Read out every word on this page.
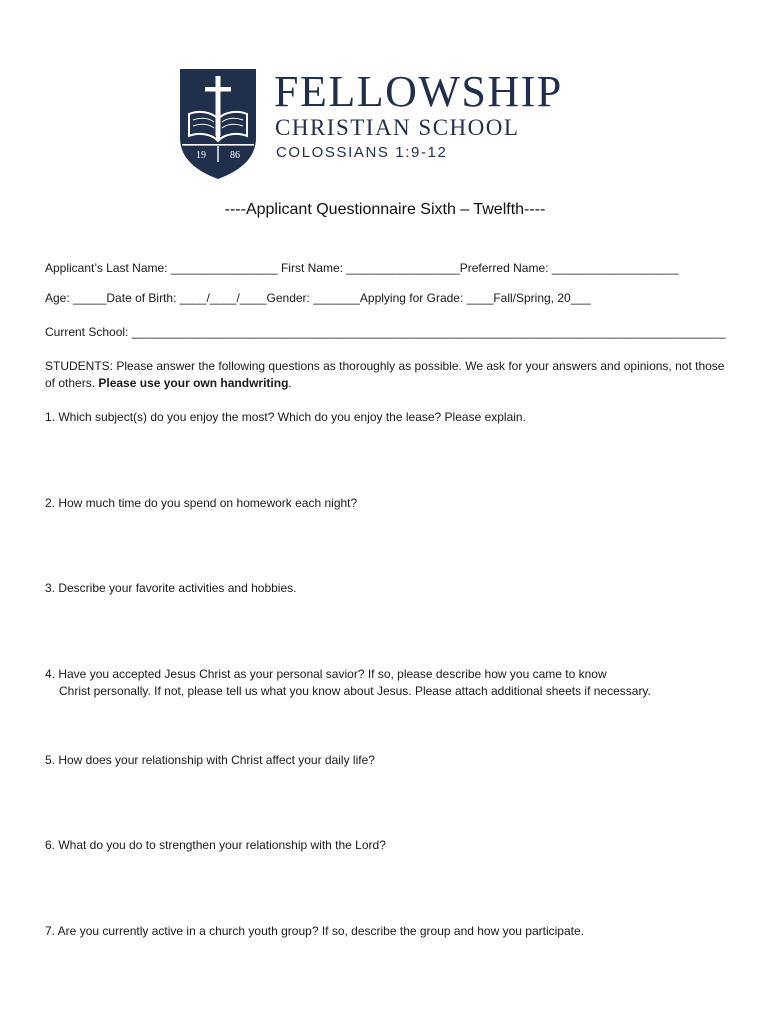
19 86
FELLOWSHIP
CHRISTIAN SCHOOL
COLOSSIANS 1:9-12
----Applicant Questionnaire Sixth – Twelfth----
Applicant’s Last Name: ________________ First Name: _________________Preferred Name: ___________________
Age: _____Date of Birth: ____/____/____Gender: _______Applying for Grade: ____Fall/Spring, 20___
Current School: _________________________________________________________________________________________
STUDENTS: Please answer the following questions as thoroughly as possible. We ask for your answers and opinions, not those of others. Please use your own handwriting.
1. Which subject(s) do you enjoy the most? Which do you enjoy the lease? Please explain.
2. How much time do you spend on homework each night?
3. Describe your favorite activities and hobbies.
4. Have you accepted Jesus Christ as your personal savior? If so, please describe how you came to know
Christ personally. If not, please tell us what you know about Jesus. Please attach additional sheets if necessary.
5. How does your relationship with Christ affect your daily life?
6. What do you do to strengthen your relationship with the Lord?
7. Are you currently active in a church youth group? If so, describe the group and how you participate.
